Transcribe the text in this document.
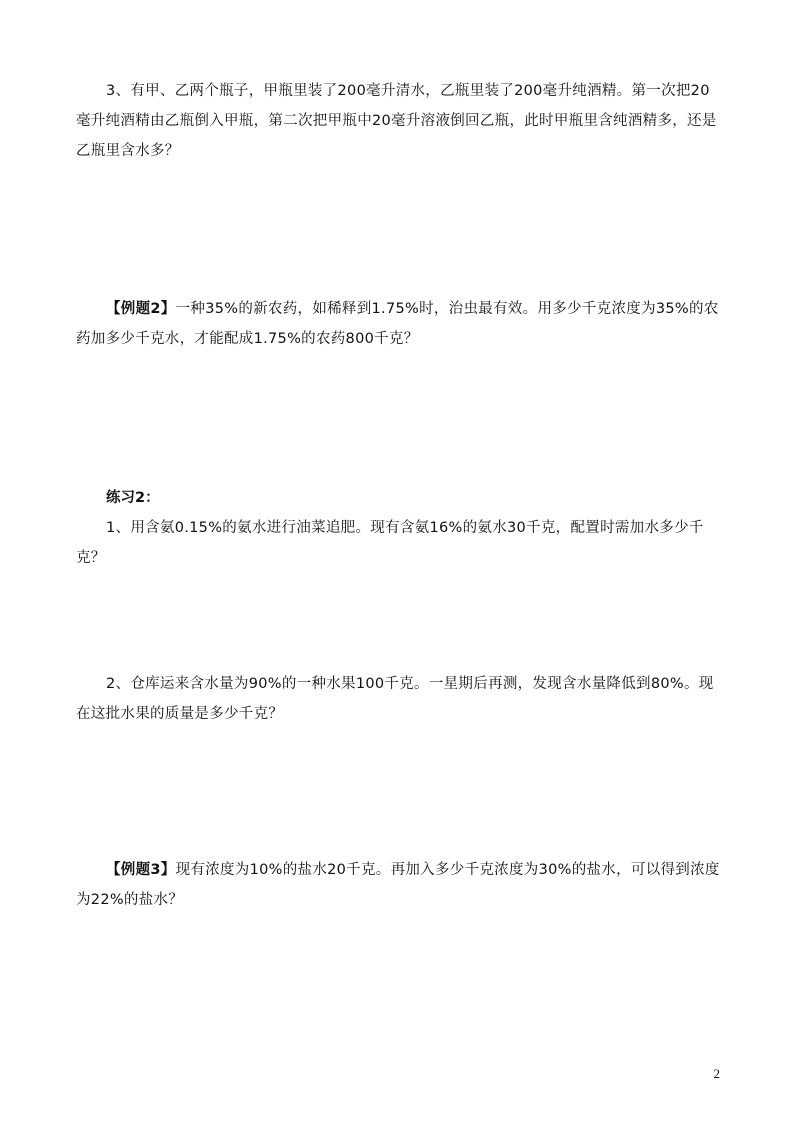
3、有甲、乙两个瓶子，甲瓶里装了200毫升清水，乙瓶里装了200毫升纯酒精。第一次把20毫升纯酒精由乙瓶倒入甲瓶，第二次把甲瓶中20毫升溶液倒回乙瓶，此时甲瓶里含纯酒精多，还是乙瓶里含水多？

【例题2】一种35%的新农药，如稀释到1.75%时，治虫最有效。用多少千克浓度为35%的农药加多少千克水，才能配成1.75%的农药800千克？

练习2：

1、用含氨0.15%的氨水进行油菜追肥。现有含氨16%的氨水30千克，配置时需加水多少千克？

2、仓库运来含水量为90%的一种水果100千克。一星期后再测，发现含水量降低到80%。现在这批水果的质量是多少千克？

【例题3】现有浓度为10%的盐水20千克。再加入多少千克浓度为30%的盐水，可以得到浓度为22%的盐水？

2
